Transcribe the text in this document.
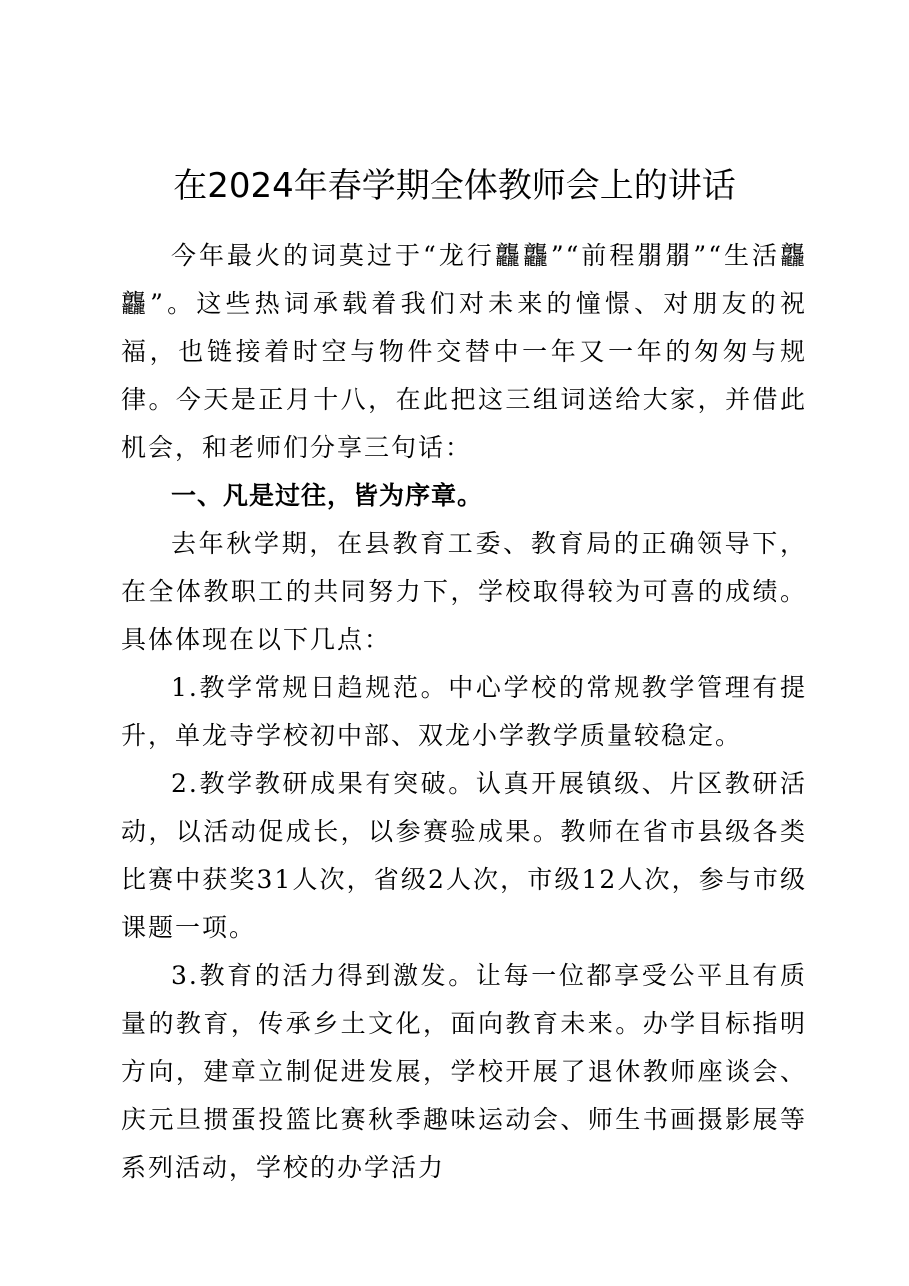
在2024年春学期全体教师会上的讲话

今年最火的词莫过于“龙行龘龘”“前程朤朤”“生活龘龘”。这些热词承载着我们对未来的憧憬、对朋友的祝福，也链接着时空与物件交替中一年又一年的匆匆与规律。今天是正月十八，在此把这三组词送给大家，并借此机会，和老师们分享三句话：

一、凡是过往，皆为序章。

去年秋学期，在县教育工委、教育局的正确领导下，在全体教职工的共同努力下，学校取得较为可喜的成绩。具体体现在以下几点：

1.教学常规日趋规范。中心学校的常规教学管理有提升，单龙寺学校初中部、双龙小学教学质量较稳定。

2.教学教研成果有突破。认真开展镇级、片区教研活动，以活动促成长，以参赛验成果。教师在省市县级各类比赛中获奖31人次，省级2人次，市级12人次，参与市级课题一项。

3.教育的活力得到激发。让每一位都享受公平且有质量的教育，传承乡土文化，面向教育未来。办学目标指明方向，建章立制促进发展，学校开展了退休教师座谈会、庆元旦掼蛋投篮比赛秋季趣味运动会、师生书画摄影展等系列活动，学校的办学活力
